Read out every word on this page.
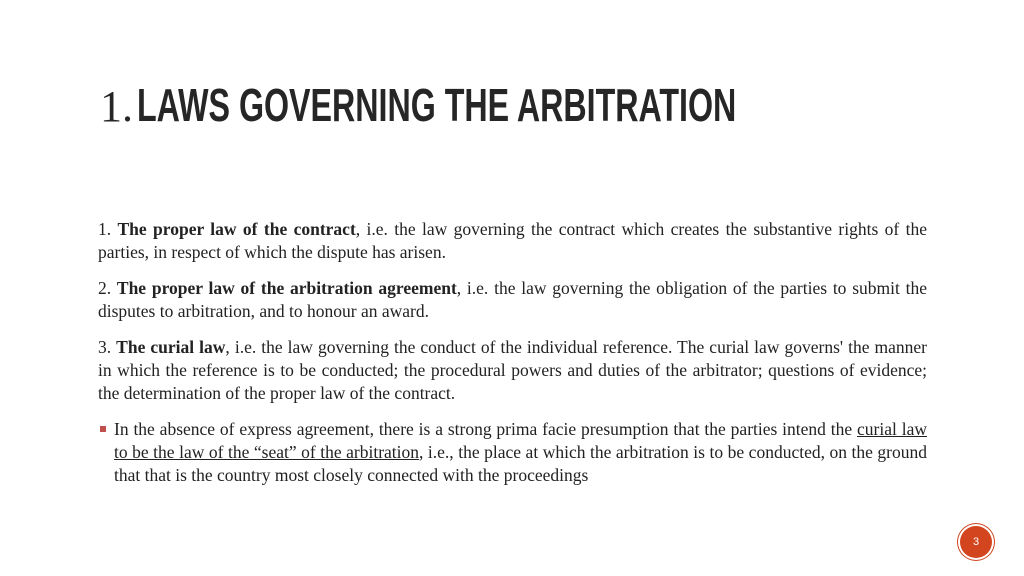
1. LAWS GOVERNING THE ARBITRATION

1. The proper law of the contract, i.e. the law governing the contract which creates the substantive rights of the parties, in respect of which the dispute has arisen.

2. The proper law of the arbitration agreement, i.e. the law governing the obligation of the parties to submit the disputes to arbitration, and to honour an award.

3. The curial law, i.e. the law governing the conduct of the individual reference. The curial law governs' the manner in which the reference is to be conducted; the procedural powers and duties of the arbitrator; questions of evidence; the determination of the proper law of the contract.

In the absence of express agreement, there is a strong prima facie presumption that the parties intend the curial law to be the law of the “seat” of the arbitration, i.e., the place at which the arbitration is to be conducted, on the ground that that is the country most closely connected with the proceedings

3
